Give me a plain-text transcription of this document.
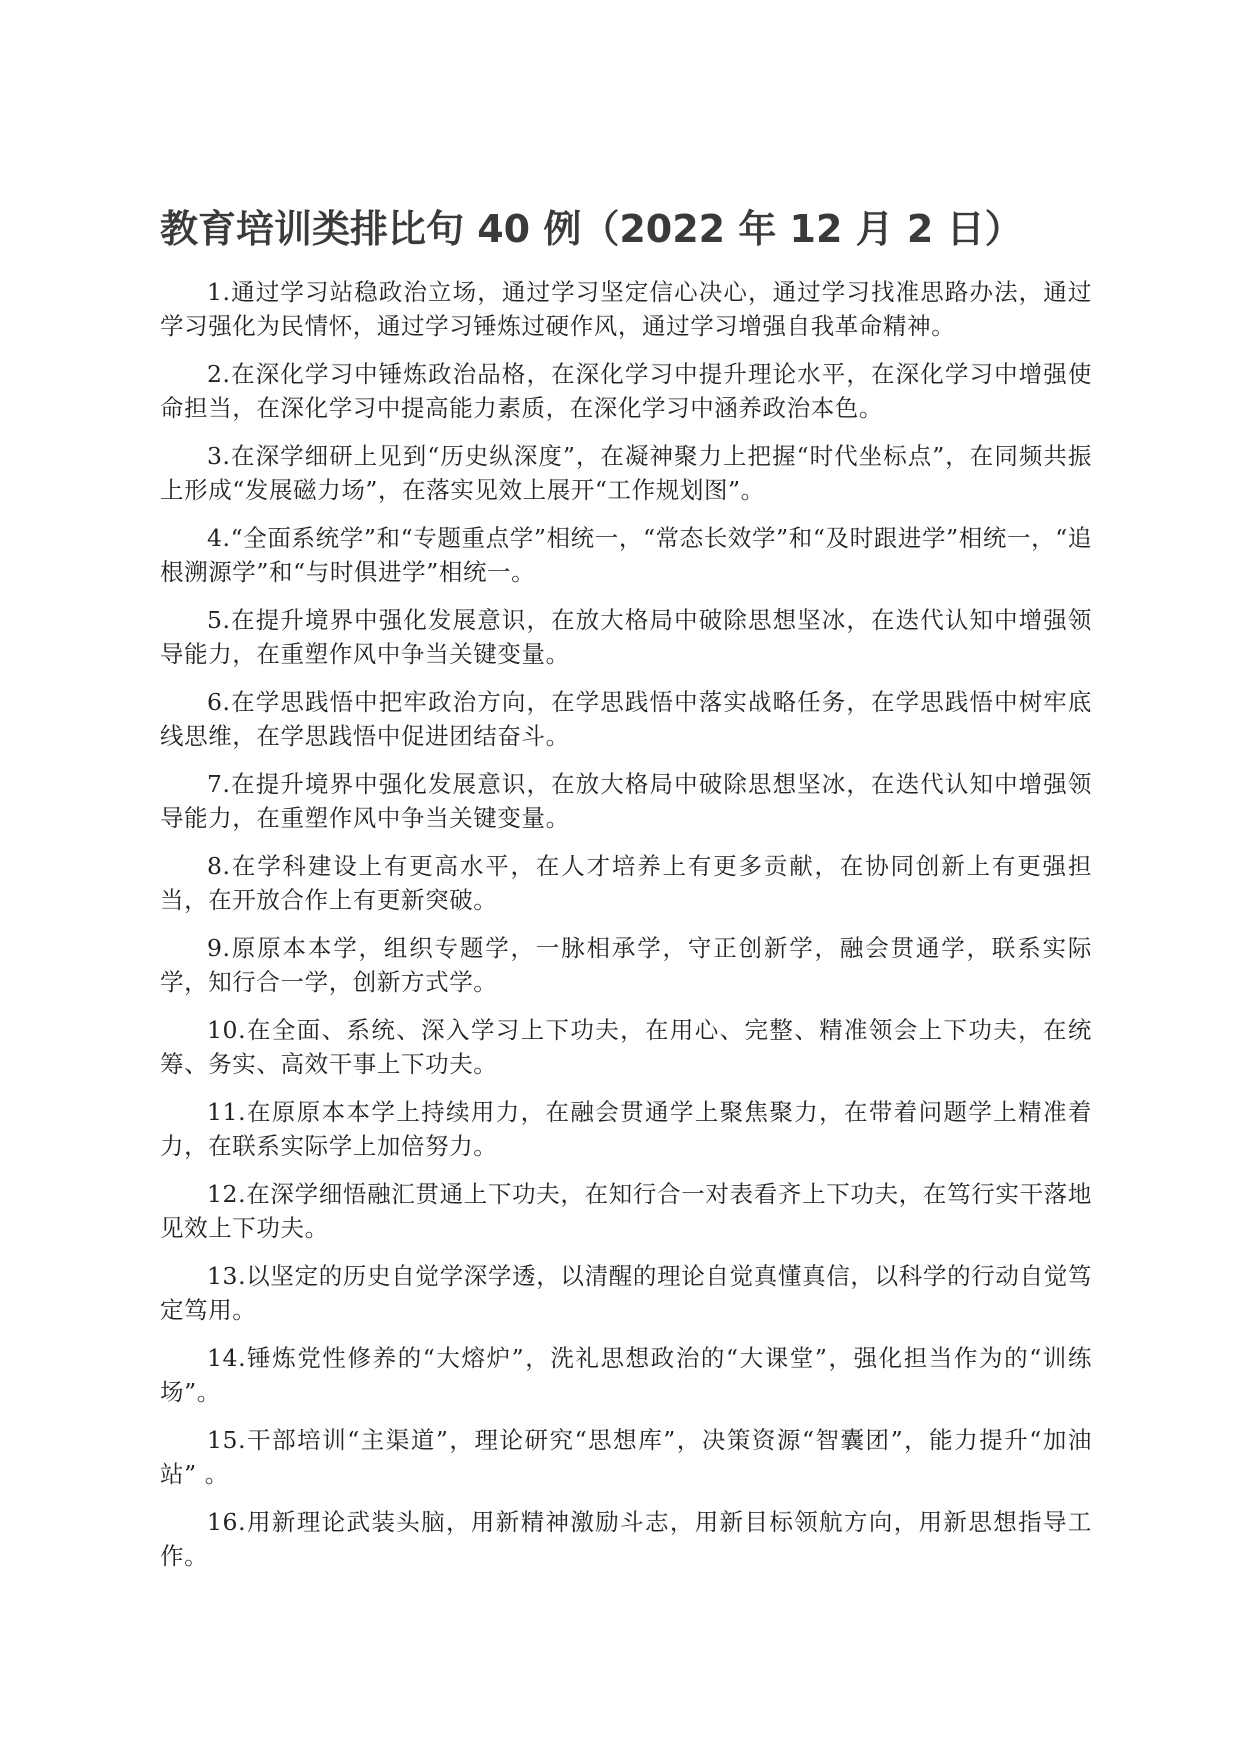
教育培训类排比句 40 例（2022 年 12 月 2 日）

1.通过学习站稳政治立场，通过学习坚定信心决心，通过学习找准思路办法，通过学习强化为民情怀，通过学习锤炼过硬作风，通过学习增强自我革命精神。

2.在深化学习中锤炼政治品格，在深化学习中提升理论水平，在深化学习中增强使命担当，在深化学习中提高能力素质，在深化学习中涵养政治本色。

3.在深学细研上见到“历史纵深度”，在凝神聚力上把握“时代坐标点”，在同频共振上形成“发展磁力场”，在落实见效上展开“工作规划图”。

4.“全面系统学”和“专题重点学”相统一，“常态长效学”和“及时跟进学”相统一，“追根溯源学”和“与时俱进学”相统一。

5.在提升境界中强化发展意识，在放大格局中破除思想坚冰，在迭代认知中增强领导能力，在重塑作风中争当关键变量。

6.在学思践悟中把牢政治方向，在学思践悟中落实战略任务，在学思践悟中树牢底线思维，在学思践悟中促进团结奋斗。

7.在提升境界中强化发展意识，在放大格局中破除思想坚冰，在迭代认知中增强领导能力，在重塑作风中争当关键变量。

8.在学科建设上有更高水平，在人才培养上有更多贡献，在协同创新上有更强担当，在开放合作上有更新突破。

9.原原本本学，组织专题学，一脉相承学，守正创新学，融会贯通学，联系实际学，知行合一学，创新方式学。

10.在全面、系统、深入学习上下功夫，在用心、完整、精准领会上下功夫，在统筹、务实、高效干事上下功夫。

11.在原原本本学上持续用力，在融会贯通学上聚焦聚力，在带着问题学上精准着力，在联系实际学上加倍努力。

12.在深学细悟融汇贯通上下功夫，在知行合一对表看齐上下功夫，在笃行实干落地见效上下功夫。

13.以坚定的历史自觉学深学透，以清醒的理论自觉真懂真信，以科学的行动自觉笃定笃用。

14.锤炼党性修养的“大熔炉”，洗礼思想政治的“大课堂”，强化担当作为的“训练场”。

15.干部培训“主渠道”，理论研究“思想库”，决策资源“智囊团”，能力提升“加油站” 。

16.用新理论武装头脑，用新精神激励斗志，用新目标领航方向，用新思想指导工作。
